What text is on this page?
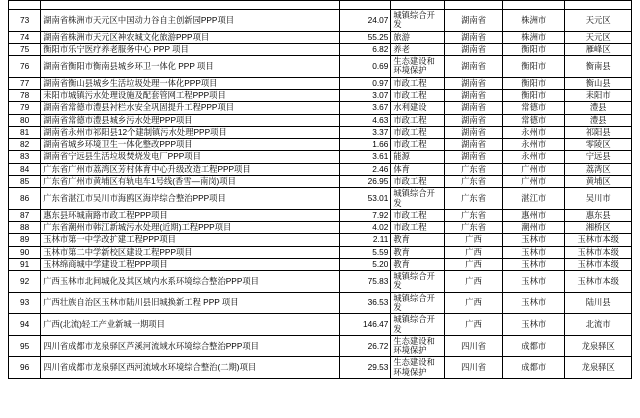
73	湖南省株洲市天元区中国动力谷自主创新园PPP项目	24.07	城镇综合开发	湖南省	株洲市	天元区
74	湖南省株洲市天元区神农城文化旅游PPP项目	55.25	旅游	湖南省	株洲市	天元区
75	衡阳市乐宁医疗养老服务中心 PPP 项目	6.82	养老	湖南省	衡阳市	雁峰区
76	湖南省衡阳市衡南县城乡环卫一体化 PPP 项目	0.69	生态建设和环境保护	湖南省	衡阳市	衡南县
77	湖南省衡山县城乡生活垃圾处理一体化PPP项目	0.97	市政工程	湖南省	衡阳市	衡山县
78	耒阳市城镇污水处理设施及配套管网工程PPP项目	3.07	市政工程	湖南省	衡阳市	耒阳市
79	湖南省常德市澧县衬栏水安全巩固提升工程PPP项目	3.67	水利建设	湖南省	常德市	澧县
80	湖南省常德市澧县城乡污水处理PPP项目	4.63	市政工程	湖南省	常德市	澧县
81	湖南省永州市祁阳县12个建制镇污水处理PPP项目	3.37	市政工程	湖南省	永州市	祁阳县
82	湖南省城乡环境卫生一体化整改PPP项目	1.66	市政工程	湖南省	永州市	零陵区
83	湖南省宁远县生活垃圾焚烧发电厂PPP项目	3.61	能源	湖南省	永州市	宁远县
84	广东省广州市荔湾区芳村体育中心升级改造工程PPP项目	2.46	体育	广东省	广州市	荔湾区
85	广东省广州市黄埔区有轨电车1号线(香雪—南岗)项目	26.95	市政工程	广东省	广州市	黄埔区
86	广东省湛江市吴川市海鸥区海岸综合整治PPP项目	53.01	城镇综合开发	广东省	湛江市	吴川市
87	惠东县环城南路市政工程PPP项目	7.92	市政工程	广东省	惠州市	惠东县
88	广东省潮州市韩江新城污水处理(近期)工程PPP项目	4.02	市政工程	广东省	潮州市	湘桥区
89	玉林市第一中学改扩建工程PPP项目	2.11	教育	广西	玉林市	玉林市本级
90	玉林市第二中学新校区建设工程PPP项目	5.59	教育	广西	玉林市	玉林市本级
91	玉林绵商城中学建设工程PPP项目	5.20	教育	广西	玉林市	玉林市本级
92	广西玉林市北间城化及其区域内水系环境综合整治PPP项目	75.83	城镇综合开发	广西	玉林市	玉林市本级
93	广西壮族自治区玉林市陆川县旧城换新工程 PPP 项目	36.53	城镇综合开发	广西	玉林市	陆川县
94	广西(北流)轻工产业新城一期项目	146.47	城镇综合开发	广西	玉林市	北流市
95	四川省成都市龙泉驿区芦溪河流域水环境综合整治PPP项目	26.72	生态建设和环境保护	四川省	成都市	龙泉驿区
96	四川省成都市龙泉驿区西河流域水环境综合整治(二期)项目	29.53	生态建设和环境保护	四川省	成都市	龙泉驿区
